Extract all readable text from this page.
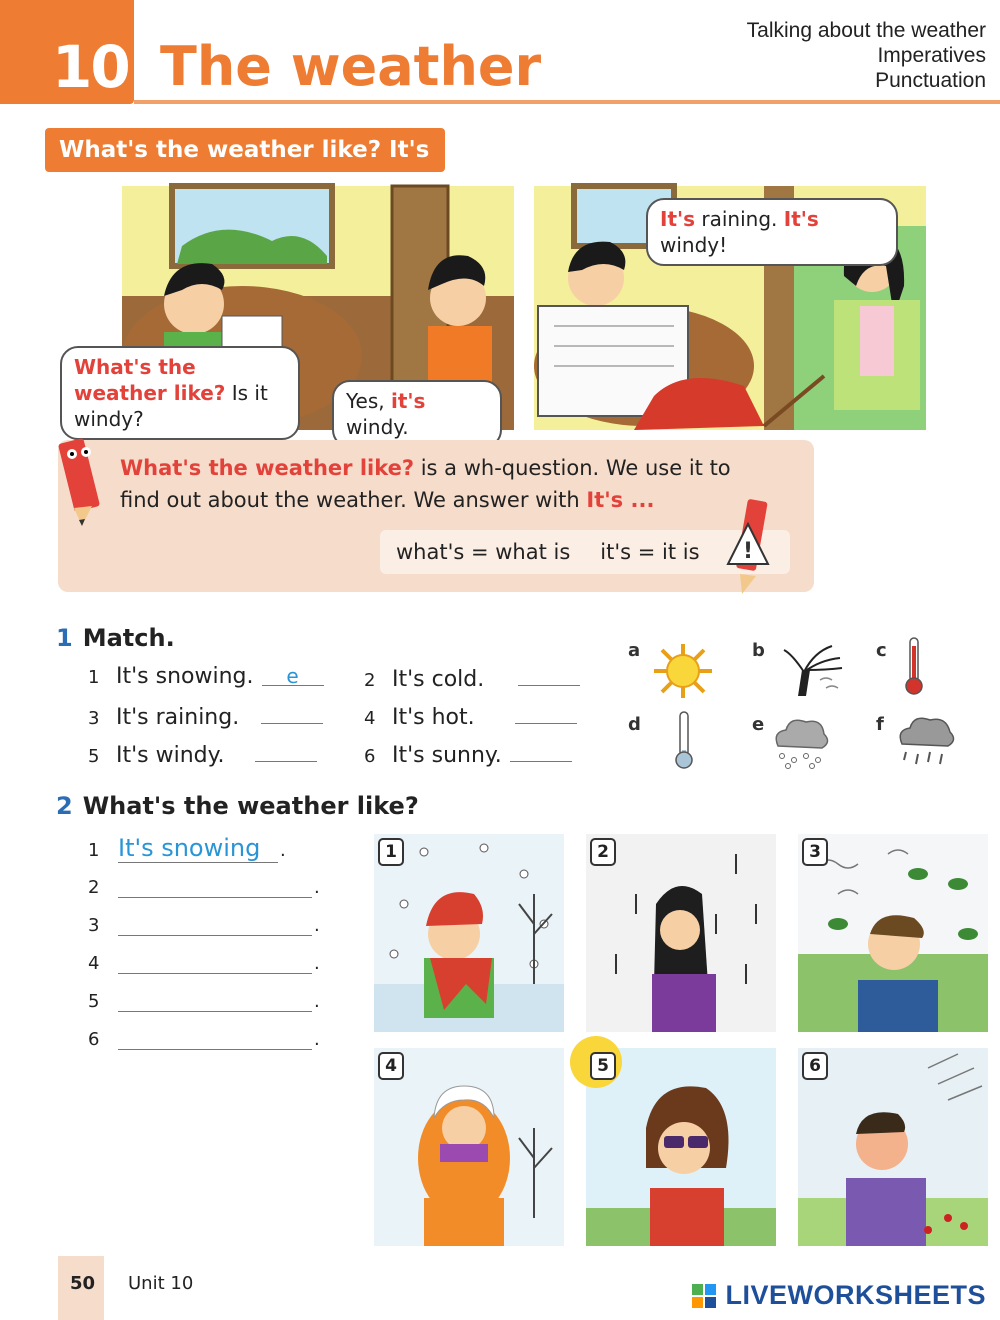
10 The weather
Talking about the weather
Imperatives
Punctuation
What's the weather like? It's ...
What's the weather like? Is it windy?
Yes, it's windy.
It's raining. It's windy!
What's the weather like? is a wh-question. We use it to find out about the weather. We answer with It's ...
what's = what is it's = it is	!
1 Match.
1 It's snowing. e	2 It's cold.
3 It's raining.	4 It's hot.
5 It's windy.	6 It's sunny.
a	b	c
d	e	f
2 What's the weather like?
1 It's snowing .
2	.
3	.
4	.
5	.
6	.
1	2	3
4	5	6
50 Unit 10	LIVEWORKSHEETS
